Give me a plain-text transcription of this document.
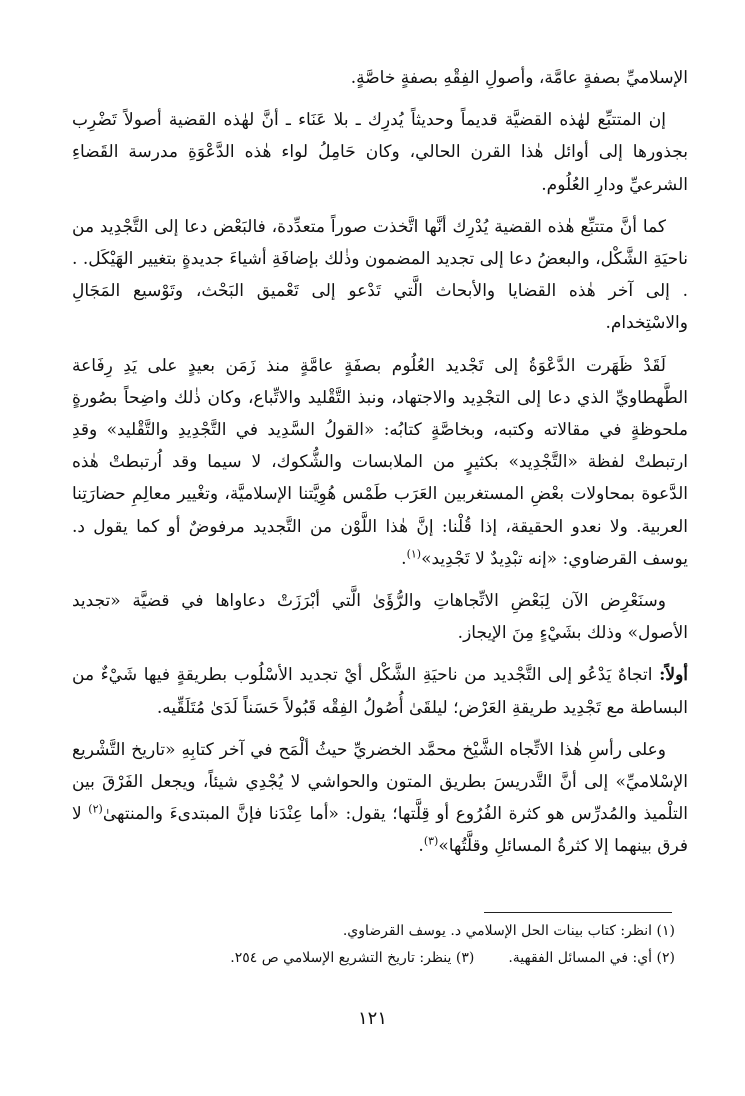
الإسلاميِّ بصفةٍ عامَّة، وأصولِ الفِقْهِ بصفةٍ خاصَّةٍ.

إن المتتبِّع لهٰذه القضيَّة قديماً وحديثاً يُدرِك ـ بلا عَنَاء ـ أنَّ لهٰذه القضية أصولاً تَضْرِب بجذورها إلى أوائل هٰذا القرن الحالي، وكان حَامِلُ لواء هٰذه الدَّعْوَةِ مدرسة القَضاءِ الشرعيِّ ودارِ العُلُوم.

كما أنَّ متتبِّع هٰذه القضية يُدْرِك أنَّها اتَّخذت صوراً متعدِّدة، فالبَعْض دعا إلى التَّجْدِيد من ناحيَةِ الشَّكْل، والبعضُ دعا إلى تجديد المضمون وذٰلك بإضافَةِ أشياءَ جديدةٍ بتغيير الهَيْكَل. . . إلى آخر هٰذه القضايا والأبحاث الَّتي تَدْعو إلى تَعْميق البَحْث، وتَوْسيع المَجَالِ والاسْتِخدام.

لَقَدْ ظَهَرت الدَّعْوَةُ إلى تَجْديد العُلُوم بصفَةٍ عامَّةٍ منذ زَمَن بعيدٍ على يَدِ رِفَاعة الطَّهطاويِّ الذي دعا إلى التجْدِيد والاجتهاد، ونبذ التَّقْليد والاتِّباع، وكان ذٰلك واضِحاً بصُورةٍ ملحوظةٍ في مقالاته وكتبه، وبخاصَّةٍ كتابُه: «القولُ السَّدِيد في التَّجْدِيدِ والتَّقْليد» وقدِ ارتبطتْ لفظة «التَّجْدِيد» بكثيرٍ من الملابسات والشُّكوك، لا سيما وقد اُرتبطتْ هٰذه الدَّعوة بمحاولات بعْضِ المستغربين العَرَب طَمْس هُوِيَّتنا الإسلاميَّة، وتغْيير معالِمِ حضارَتِنا العربية. ولا نعدو الحقيقة، إذا قُلْنا: إنَّ هٰذا اللَّوْن من التَّجديد مرفوضٌ أو كما يقول د. يوسف القرضاوي: «إنه تبْدِيدٌ لا تَجْدِيد»$^{(١)}$.

وسنَعْرِض الآن لِبَعْضِ الاتِّجاهاتِ والرُّؤَىٰ الَّتي أبْرَزَتْ دعاواها في قضيَّة «تجديد الأصول» وذلك بشَيْءٍ مِنَ الإيجاز.

أولاً: اتجاهٌ يَدْعُو إلى التَّجْديد من ناحيَةِ الشَّكْل أيْ تجديد الأسْلُوب بطريقةٍ فيها شَيْءٌ من البساطة مع تَجْدِيد طريقةِ العَرْض؛ ليلقَىٰ أُصُولُ الفِقْه قَبُولاً حَسَناً لَدَىٰ مُتَلَقِّيه.

وعلى رأسِ هٰذا الاتِّجاه الشَّيْخ محمَّد الخضريِّ حيثُ ألْمَح في آخر كتابِهِ «تاريخ التَّشْريع الإسْلاميِّ» إلى أنَّ التَّدريسَ بطريق المتون والحواشي لا يُجْدِي شيئاً، ويجعل الفَرْقَ بين التلْميذ والمُدرِّس هو كثرة الفُرُوع أو قِلَّتها؛ يقول: «أما عِنْدَنا فإنَّ المبتدىءَ والمنتهىٰ$^{(٢)}$ لا فرق بينهما إلا كثرةُ المسائلِ وقلَّتُها»$^{(٣)}$.

(١) انظر: كتاب بينات الحل الإسلامي د. يوسف القرضاوي.
(٢) أي: في المسائل الفقهية.
(٣) ينظر: تاريخ التشريع الإسلامي ص ٢٥٤.
١٢١
